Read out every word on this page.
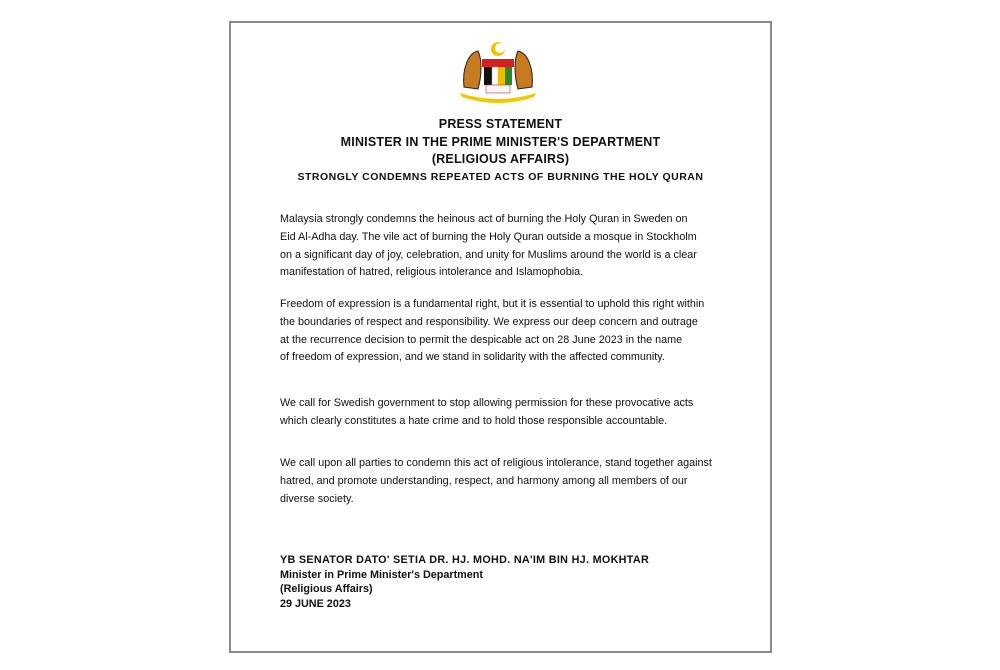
PRESS STATEMENT
MINISTER IN THE PRIME MINISTER'S DEPARTMENT
(RELIGIOUS AFFAIRS)
STRONGLY CONDEMNS REPEATED ACTS OF BURNING THE HOLY QURAN
Malaysia strongly condemns the heinous act of burning the Holy Quran in Sweden on
Eid Al-Adha day. The vile act of burning the Holy Quran outside a mosque in Stockholm
on a significant day of joy, celebration, and unity for Muslims around the world is a clear
manifestation of hatred, religious intolerance and Islamophobia.
Freedom of expression is a fundamental right, but it is essential to uphold this right within
the boundaries of respect and responsibility. We express our deep concern and outrage
at the recurrence decision to permit the despicable act on 28 June 2023 in the name
of freedom of expression, and we stand in solidarity with the affected community.
We call for Swedish government to stop allowing permission for these provocative acts
which clearly constitutes a hate crime and to hold those responsible accountable.
We call upon all parties to condemn this act of religious intolerance, stand together against
hatred, and promote understanding, respect, and harmony among all members of our
diverse society.
YB SENATOR DATO' SETIA DR. HJ. MOHD. NA'IM BIN HJ. MOKHTAR
Minister in Prime Minister's Department
(Religious Affairs)
29 JUNE 2023
